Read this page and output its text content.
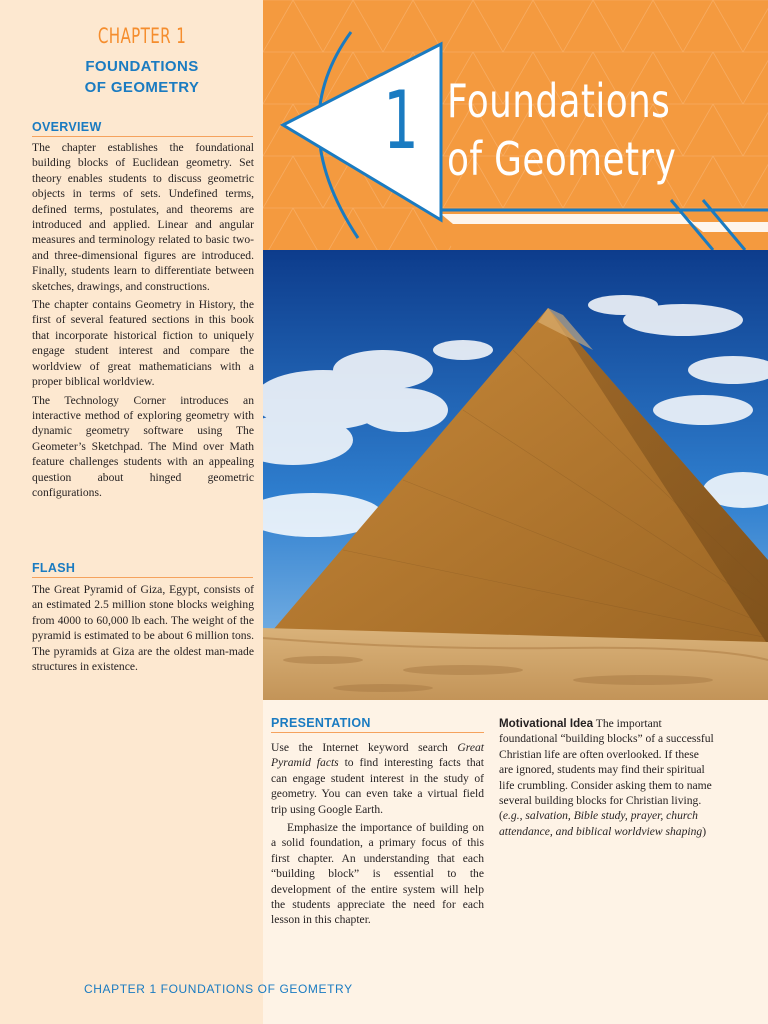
CHAPTER 1
FOUNDATIONS
OF GEOMETRY
OVERVIEW

The chapter establishes the foundational building blocks of Euclidean geometry. Set theory enables students to discuss geometric objects in terms of sets. Undefined terms, defined terms, postulates, and theorems are introduced and applied. Linear and angular measures and terminology related to basic two- and three-dimensional figures are introduced. Finally, students learn to differentiate between sketches, drawings, and constructions.

The chapter contains Geometry in History, the first of several featured sections in this book that incorporate historical fiction to uniquely engage student interest and compare the worldview of great mathematicians with a proper biblical worldview.

The Technology Corner introduces an interactive method of exploring geometry with dynamic geometry software using The Geometer’s Sketchpad. The Mind over Math feature challenges students with an appealing question about hinged geometric configurations.

FLASH

The Great Pyramid of Giza, Egypt, consists of an estimated 2.5 million stone blocks weighing from 4000 to 60,000 lb each. The weight of the pyramid is estimated to be about 6 million tons. The pyramids at Giza are the oldest man-made structures in existence.

1 Foundations
of Geometry
PRESENTATION

Use the Internet keyword search Great Pyramid facts to find interesting facts that can engage student interest in the study of geometry. You can even take a virtual field trip using Google Earth.

Emphasize the importance of building on a solid foundation, a primary focus of this first chapter. An understanding that each “building block” is essential to the development of the entire system will help the students appreciate the need for each lesson in this chapter.

Motivational Idea The important foundational “building blocks” of a successful Christian life are often overlooked. If these are ignored, students may find their spiritual life crumbling. Consider asking them to name several building blocks for Christian living. (e.g., salvation, Bible study, prayer, church attendance, and biblical worldview shaping)
CHAPTER 1 FOUNDATIONS OF GEOMETRY
